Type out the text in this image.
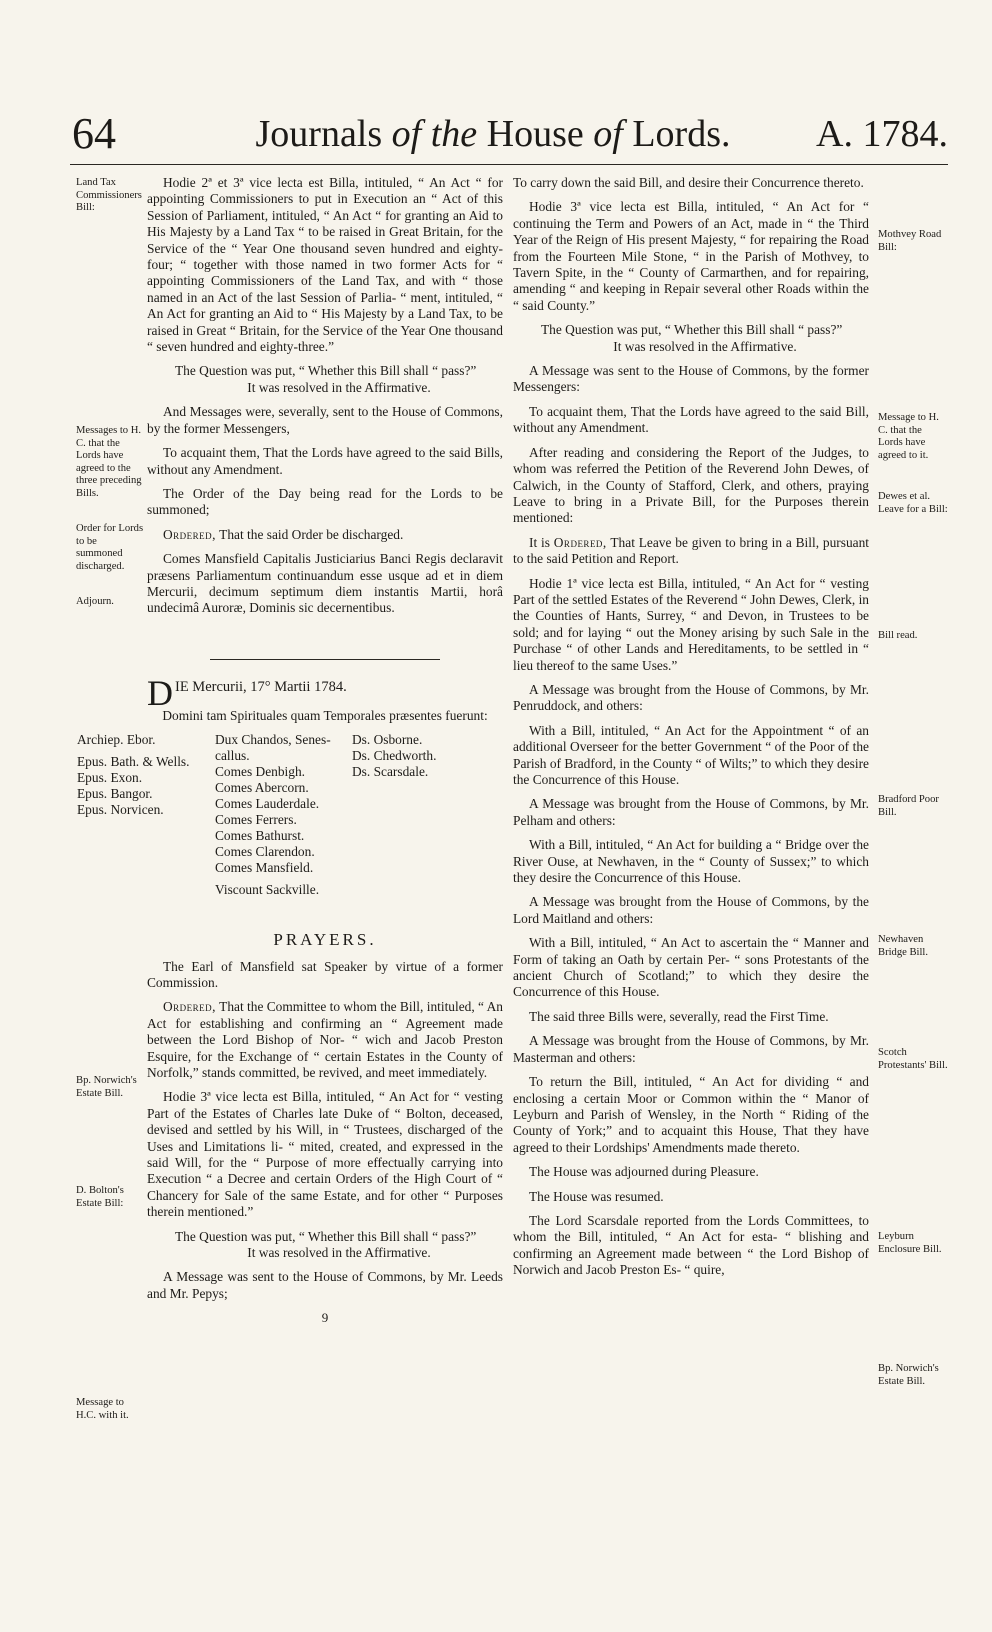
64	Journals of the House of Lords.	A. 1784.
Land Tax Commissioners Bill:
Messages to H. C. that the Lords have agreed to the three preceding Bills.
Order for Lords to be summoned discharged.
Adjourn.
Bp. Norwich's Estate Bill.
D. Bolton's Estate Bill:
Message to H.C. with it.
Mothvey Road Bill:
Message to H. C. that the Lords have agreed to it.
Dewes et al. Leave for a Bill:
Bill read.
Bradford Poor Bill.
Newhaven Bridge Bill.
Scotch Protestants' Bill.
Leyburn Enclosure Bill.
Bp. Norwich's Estate Bill.

Hodie 2ª et 3ª vice lecta est Billa, intituled, “ An Act “ for appointing Commissioners to put in Execution an “ Act of this Session of Parliament, intituled, “ An Act “ for granting an Aid to His Majesty by a Land Tax “ to be raised in Great Britain, for the Service of the “ Year One thousand seven hundred and eighty-four; “ together with those named in two former Acts for “ appointing Commissioners of the Land Tax, and with “ those named in an Act of the last Session of Parlia- “ ment, intituled, “ An Act for granting an Aid to “ His Majesty by a Land Tax, to be raised in Great “ Britain, for the Service of the Year One thousand “ seven hundred and eighty-three.”

The Question was put, “ Whether this Bill shall “ pass?”
It was resolved in the Affirmative.

And Messages were, severally, sent to the House of Commons, by the former Messengers,

To acquaint them, That the Lords have agreed to the said Bills, without any Amendment.

The Order of the Day being read for the Lords to be summoned;

Ordered, That the said Order be discharged.

Comes Mansfield Capitalis Justiciarius Banci Regis declaravit præsens Parliamentum continuandum esse usque ad et in diem Mercurii, decimum septimum diem instantis Martii, horâ undecimâ Auroræ, Dominis sic decernentibus.

DIE Mercurii, 17° Martii 1784.

Domini tam Spirituales quam Temporales præsentes fuerunt:

Archiep. Ebor.
Epus. Bath. & Wells.
Epus. Exon.
Epus. Bangor.
Epus. Norvicen.
Dux Chandos, Senes-
callus.
Comes Denbigh.
Comes Abercorn.
Comes Lauderdale.
Comes Ferrers.
Comes Bathurst.
Comes Clarendon.
Comes Mansfield.
Viscount Sackville.
Ds. Osborne.
Ds. Chedworth.
Ds. Scarsdale.
PRAYERS.

The Earl of Mansfield sat Speaker by virtue of a former Commission.

Ordered, That the Committee to whom the Bill, intituled, “ An Act for establishing and confirming an “ Agreement made between the Lord Bishop of Nor- “ wich and Jacob Preston Esquire, for the Exchange of “ certain Estates in the County of Norfolk,” stands committed, be revived, and meet immediately.

Hodie 3ª vice lecta est Billa, intituled, “ An Act for “ vesting Part of the Estates of Charles late Duke of “ Bolton, deceased, devised and settled by his Will, in “ Trustees, discharged of the Uses and Limitations li- “ mited, created, and expressed in the said Will, for the “ Purpose of more effectually carrying into Execution “ a Decree and certain Orders of the High Court of “ Chancery for Sale of the same Estate, and for other “ Purposes therein mentioned.”

The Question was put, “ Whether this Bill shall “ pass?”
It was resolved in the Affirmative.

A Message was sent to the House of Commons, by Mr. Leeds and Mr. Pepys;

9

To carry down the said Bill, and desire their Concurrence thereto.

Hodie 3ª vice lecta est Billa, intituled, “ An Act for “ continuing the Term and Powers of an Act, made in “ the Third Year of the Reign of His present Majesty, “ for repairing the Road from the Fourteen Mile Stone, “ in the Parish of Mothvey, to Tavern Spite, in the “ County of Carmarthen, and for repairing, amending “ and keeping in Repair several other Roads within the “ said County.”

The Question was put, “ Whether this Bill shall “ pass?”
It was resolved in the Affirmative.

A Message was sent to the House of Commons, by the former Messengers:

To acquaint them, That the Lords have agreed to the said Bill, without any Amendment.

After reading and considering the Report of the Judges, to whom was referred the Petition of the Reverend John Dewes, of Calwich, in the County of Stafford, Clerk, and others, praying Leave to bring in a Private Bill, for the Purposes therein mentioned:

It is Ordered, That Leave be given to bring in a Bill, pursuant to the said Petition and Report.

Hodie 1ª vice lecta est Billa, intituled, “ An Act for “ vesting Part of the settled Estates of the Reverend “ John Dewes, Clerk, in the Counties of Hants, Surrey, “ and Devon, in Trustees to be sold; and for laying “ out the Money arising by such Sale in the Purchase “ of other Lands and Hereditaments, to be settled in “ lieu thereof to the same Uses.”

A Message was brought from the House of Commons, by Mr. Penruddock, and others:

With a Bill, intituled, “ An Act for the Appointment “ of an additional Overseer for the better Government “ of the Poor of the Parish of Bradford, in the County “ of Wilts;” to which they desire the Concurrence of this House.

A Message was brought from the House of Commons, by Mr. Pelham and others:

With a Bill, intituled, “ An Act for building a “ Bridge over the River Ouse, at Newhaven, in the “ County of Sussex;” to which they desire the Concurrence of this House.

A Message was brought from the House of Commons, by the Lord Maitland and others:

With a Bill, intituled, “ An Act to ascertain the “ Manner and Form of taking an Oath by certain Per- “ sons Protestants of the ancient Church of Scotland;” to which they desire the Concurrence of this House.

The said three Bills were, severally, read the First Time.

A Message was brought from the House of Commons, by Mr. Masterman and others:

To return the Bill, intituled, “ An Act for dividing “ and enclosing a certain Moor or Common within the “ Manor of Leyburn and Parish of Wensley, in the North “ Riding of the County of York;” and to acquaint this House, That they have agreed to their Lordships' Amendments made thereto.

The House was adjourned during Pleasure.

The House was resumed.

The Lord Scarsdale reported from the Lords Committees, to whom the Bill, intituled, “ An Act for esta- “ blishing and confirming an Agreement made between “ the Lord Bishop of Norwich and Jacob Preston Es- “ quire,
